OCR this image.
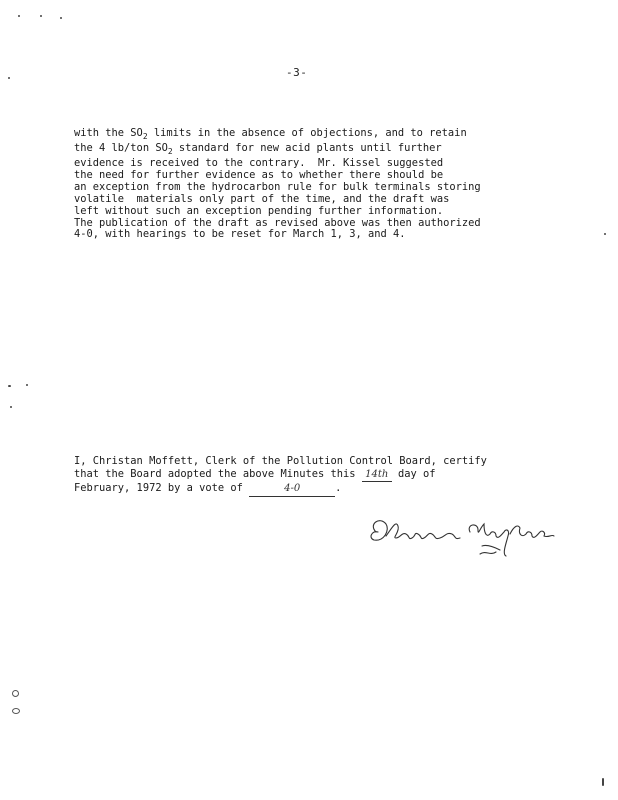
-3-
with the $SO_2$ limits in the absence of objections, and to retain
the 4 lb/ton $SO_2$ standard for new acid plants until further
evidence is received to the contrary.  Mr. Kissel suggested
the need for further evidence as to whether there should be
an exception from the hydrocarbon rule for bulk terminals storing
volatile  materials only part of the time, and the draft was
left without such an exception pending further information.
The publication of the draft as revised above was then authorized
4-0, with hearings to be reset for March 1, 3, and 4.
I, Christan Moffett, Clerk of the Pollution Control Board, certify
that the Board adopted the above Minutes this 14th day of
February, 1972 by a vote of	4-0	.
